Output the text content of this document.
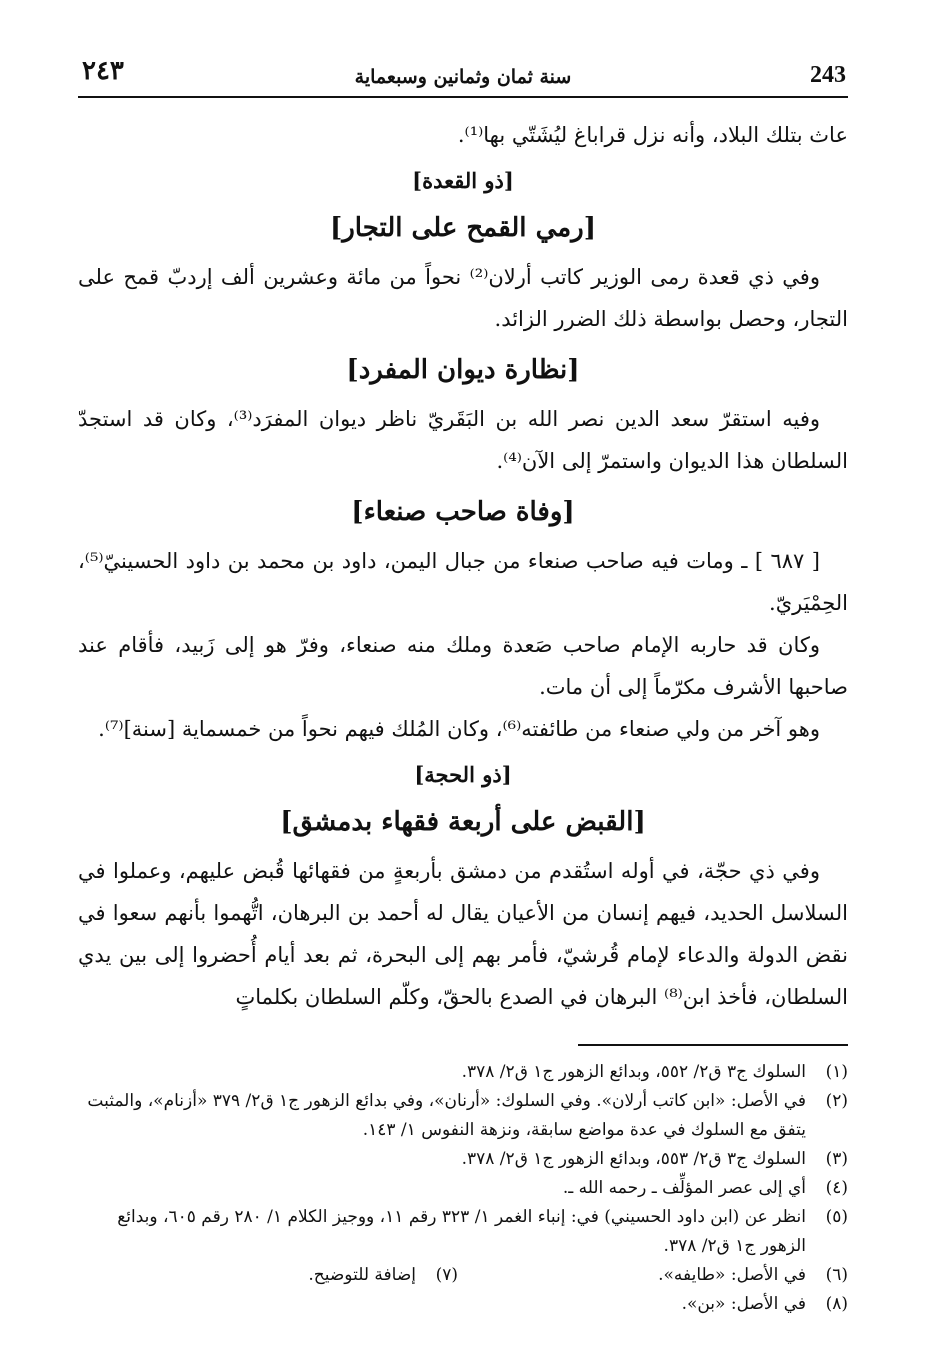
٢٤٣	سنة ثمان وثمانين وسبعماية	243

عاث بتلك البلاد، وأنه نزل قراباغ ليُشَتّي بها⁽¹⁾.

[ذو القعدة]
[رمي القمح على التجار]

وفي ذي قعدة رمى الوزير كاتب أرلان⁽²⁾ نحواً من مائة وعشرين ألف إردبّ قمح على التجار، وحصل بواسطة ذلك الضرر الزائد.

[نظارة ديوان المفرد]

وفيه استقرّ سعد الدين نصر الله بن البَقَريّ ناظر ديوان المفرَد⁽³⁾، وكان قد استجدّ السلطان هذا الديوان واستمرّ إلى الآن⁽⁴⁾.

[وفاة صاحب صنعاء]

[ ٦٨٧ ] ـ ومات فيه صاحب صنعاء من جبال اليمن، داود بن محمد بن داود الحسينيّ⁽⁵⁾، الحِمْيَريّ.

وكان قد حاربه الإمام صاحب صَعدة وملك منه صنعاء، وفرّ هو إلى زَبيد، فأقام عند صاحبها الأشرف مكرّماً إلى أن مات.

وهو آخر من ولي صنعاء من طائفته⁽⁶⁾، وكان المُلك فيهم نحواً من خمسماية [سنة]⁽⁷⁾.

[ذو الحجة]
[القبض على أربعة فقهاء بدمشق]

وفي ذي حجّة، في أوله استُقدم من دمشق بأربعةٍ من فقهائها قُبض عليهم، وعملوا في السلاسل الحديد، فيهم إنسان من الأعيان يقال له أحمد بن البرهان، اتُّهموا بأنهم سعوا في نقض الدولة والدعاء لإمام قُرشيّ، فأمر بهم إلى البحرة، ثم بعد أيام أُحضروا إلى بين يدي السلطان، فأخذ ابن⁽⁸⁾ البرهان في الصدع بالحقّ، وكلّم السلطان بكلماتٍ

(١)
السلوك ج٣ ق٢/ ٥٥٢، وبدائع الزهور ج١ ق٢/ ٣٧٨.
(٢)
في الأصل: «ابن كاتب أرلان». وفي السلوك: «أرنان»، وفي بدائع الزهور ج١ ق٢/ ٣٧٩ «أزنام»، والمثبت يتفق مع السلوك في عدة مواضع سابقة، ونزهة النفوس ١/ ١٤٣.
(٣)
السلوك ج٣ ق٢/ ٥٥٣، وبدائع الزهور ج١ ق٢/ ٣٧٨.
(٤)
أي إلى عصر المؤلِّف ـ رحمه الله ـ.
(٥)
انظر عن (ابن داود الحسيني) في: إنباء الغمر ١/ ٣٢٣ رقم ١١، ووجيز الكلام ١/ ٢٨٠ رقم ٦٠٥، وبدائع الزهور ج١ ق٢/ ٣٧٨.
(٦)
في الأصل: «طايفه».
(٧)
إضافة للتوضيح.
(٨)
في الأصل: «بن».
